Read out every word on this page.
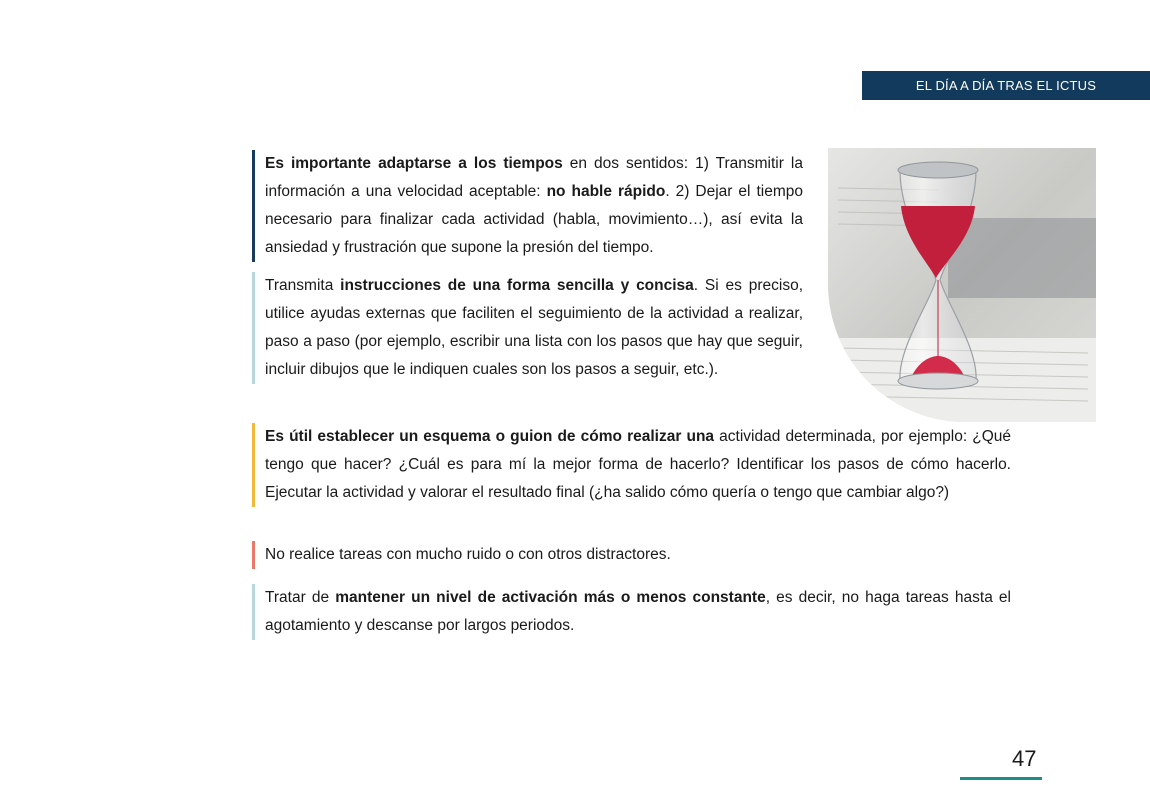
EL DÍA A DÍA TRAS EL ICTUS
Es importante adaptarse a los tiempos en dos sentidos: 1) Transmitir la información a una velocidad aceptable: no hable rápido. 2) Dejar el tiempo necesario para finalizar cada actividad (habla, movimiento…), así evita la ansiedad y frustración que supone la presión del tiempo.
Transmita instrucciones de una forma sencilla y concisa. Si es preciso, utilice ayudas externas que faciliten el seguimiento de la actividad a realizar, paso a paso (por ejemplo, escribir una lista con los pasos que hay que seguir, incluir dibujos que le indiquen cuales son los pasos a seguir, etc.).
Es útil establecer un esquema o guion de cómo realizar una actividad determinada, por ejemplo: ¿Qué tengo que hacer? ¿Cuál es para mí la mejor forma de hacerlo? Identificar los pasos de cómo hacerlo. Ejecutar la actividad y valorar el resultado final (¿ha salido cómo quería o tengo que cambiar algo?)
No realice tareas con mucho ruido o con otros distractores.
Tratar de mantener un nivel de activación más o menos constante, es decir, no haga tareas hasta el agotamiento y descanse por largos periodos.
47
